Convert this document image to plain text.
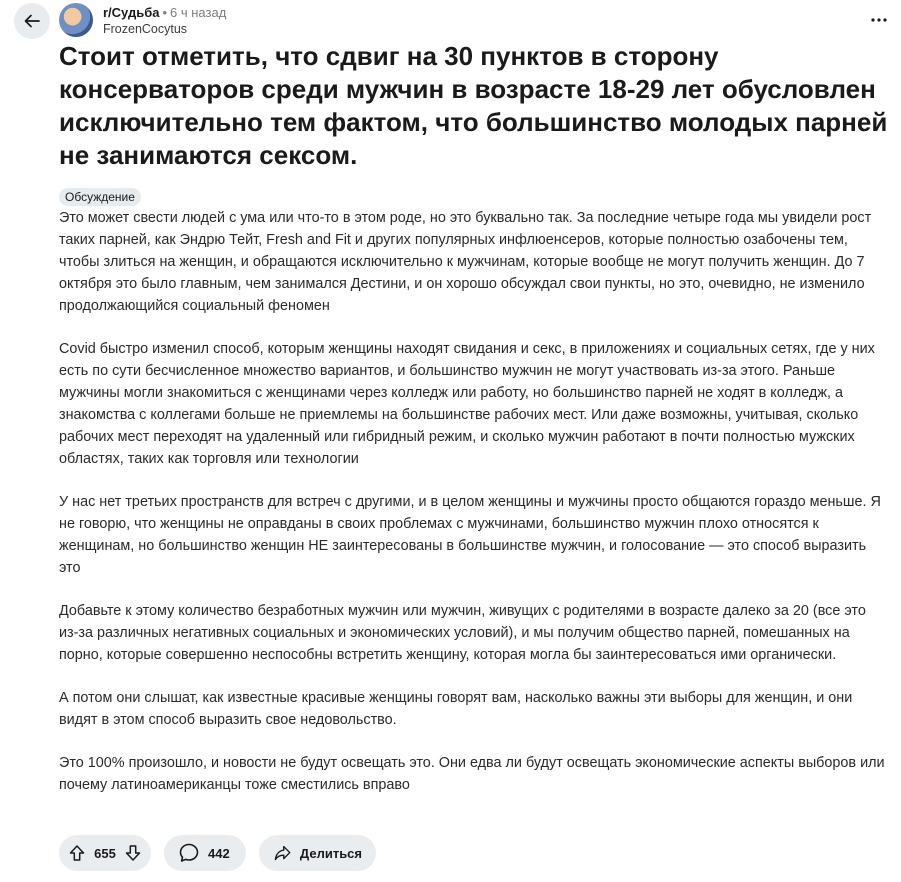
r/Судьба • 6 ч назад
FrozenCocytus
Стоит отметить, что сдвиг на 30 пунктов в сторону консерваторов среди мужчин в возрасте 18-29 лет обусловлен исключительно тем фактом, что большинство молодых парней не занимаются сексом.
Обсуждение

Это может свести людей с ума или что-то в этом роде, но это буквально так. За последние четыре года мы увидели рост таких парней, как Эндрю Тейт, Fresh and Fit и других популярных инфлюенсеров, которые полностью озабочены тем, чтобы злиться на женщин, и обращаются исключительно к мужчинам, которые вообще не могут получить женщин. До 7 октября это было главным, чем занимался Дестини, и он хорошо обсуждал свои пункты, но это, очевидно, не изменило продолжающийся социальный феномен

Covid быстро изменил способ, которым женщины находят свидания и секс, в приложениях и социальных сетях, где у них есть по сути бесчисленное множество вариантов, и большинство мужчин не могут участвовать из-за этого. Раньше мужчины могли знакомиться с женщинами через колледж или работу, но большинство парней не ходят в колледж, а знакомства с коллегами больше не приемлемы на большинстве рабочих мест. Или даже возможны, учитывая, сколько рабочих мест переходят на удаленный или гибридный режим, и сколько мужчин работают в почти полностью мужских областях, таких как торговля или технологии

У нас нет третьих пространств для встреч с другими, и в целом женщины и мужчины просто общаются гораздо меньше. Я не говорю, что женщины не оправданы в своих проблемах с мужчинами, большинство мужчин плохо относятся к женщинам, но большинство женщин НЕ заинтересованы в большинстве мужчин, и голосование — это способ выразить это

Добавьте к этому количество безработных мужчин или мужчин, живущих с родителями в возрасте далеко за 20 (все это из-за различных негативных социальных и экономических условий), и мы получим общество парней, помешанных на порно, которые совершенно неспособны встретить женщину, которая могла бы заинтересоваться ими органически.

А потом они слышат, как известные красивые женщины говорят вам, насколько важны эти выборы для женщин, и они видят в этом способ выразить свое недовольство.

Это 100% произошло, и новости не будут освещать это. Они едва ли будут освещать экономические аспекты выборов или почему латиноамериканцы тоже сместились вправо

655	442	Делиться
